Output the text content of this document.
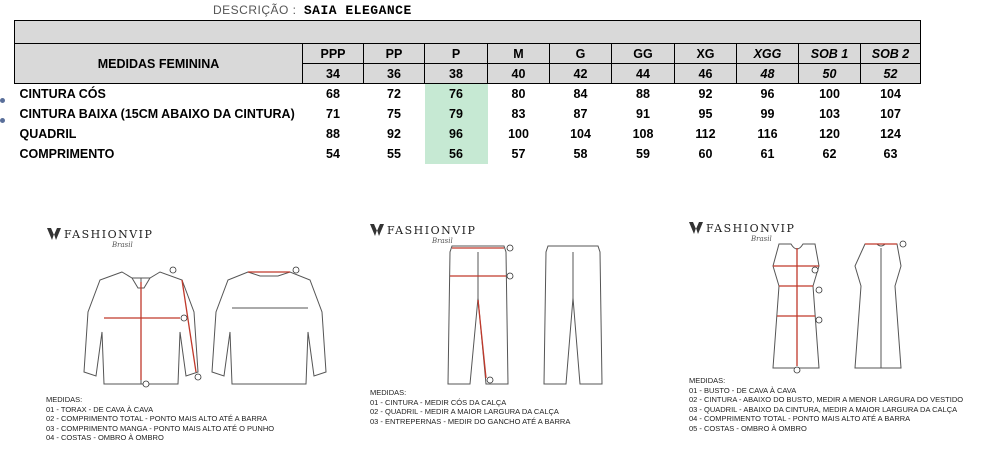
DESCRIÇÃO : SAIA ELEGANCE

MEDIDAS FEMININA	PPP	PP	P	M	G	GG	XG	XGG	SOB 1	SOB 2
	34	36	38	40	42	44	46	48	50	52
CINTURA CÓS	68	72	76	80	84	88	92	96	100	104
CINTURA BAIXA (15CM ABAIXO DA CINTURA)	71	75	79	83	87	91	95	99	103	107
QUADRIL	88	92	96	100	104	108	112	116	120	124
COMPRIMENTO	54	55	56	57	58	59	60	61	62	63
FASHIONVIP
Brasil
MEDIDAS:
01 - TORAX - DE CAVA À CAVA
02 - COMPRIMENTO TOTAL - PONTO MAIS ALTO ATÉ A BARRA
03 - COMPRIMENTO MANGA - PONTO MAIS ALTO ATÉ O PUNHO
04 - COSTAS - OMBRO À OMBRO
FASHIONVIP
Brasil
MEDIDAS:
01 - CINTURA - MEDIR CÓS DA CALÇA
02 - QUADRIL - MEDIR A MAIOR LARGURA DA CALÇA
03 - ENTREPERNAS - MEDIR DO GANCHO ATÉ A BARRA
FASHIONVIP
Brasil
MEDIDAS:
01 - BUSTO - DE CAVA À CAVA
02 - CINTURA - ABAIXO DO BUSTO, MEDIR A MENOR LARGURA DO VESTIDO
03 - QUADRIL - ABAIXO DA CINTURA, MEDIR A MAIOR LARGURA DA CALÇA
04 - COMPRIMENTO TOTAL - PONTO MAIS ALTO ATÉ A BARRA
05 - COSTAS - OMBRO À OMBRO
